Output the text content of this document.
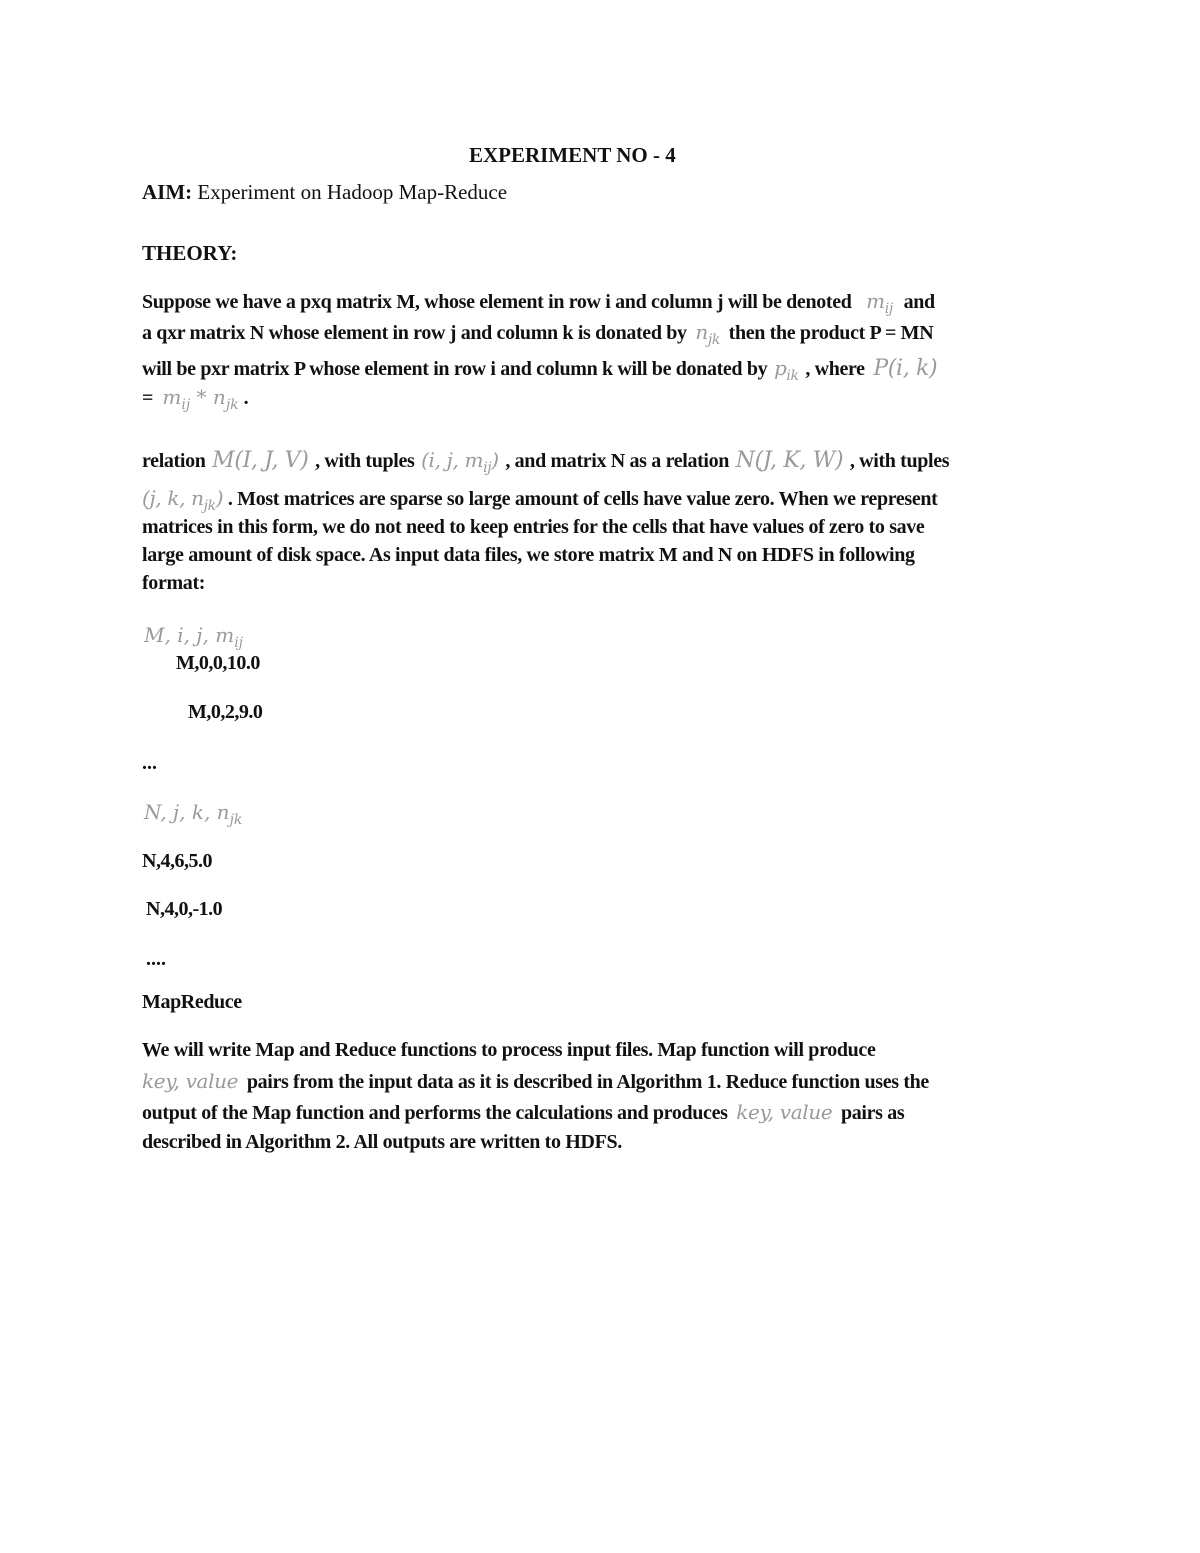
EXPERIMENT NO - 4
AIM: Experiment on Hadoop Map-Reduce
THEORY:
Suppose we have a pxq matrix M, whose element in row i and column j will be denoted $m_{ij}$ and
a qxr matrix N whose element in row j and column k is donated by $n_{jk}$ then the product P = MN
will be pxr matrix P whose element in row i and column k will be donated by $p_{ik}$ , where P(i, k)
= $m_{ij} * n_{jk}$ .
relation M(I, J, V) , with tuples (i, j, $m_{ij}$) , and matrix N as a relation N(J, K, W) , with tuples
(j, k, $n_{jk}$) . Most matrices are sparse so large amount of cells have value zero. When we represent
matrices in this form, we do not need to keep entries for the cells that have values of zero to save
large amount of disk space. As input data files, we store matrix M and N on HDFS in following
format:
M, i, j, $m_{ij}$
M,0,0,10.0
M,0,2,9.0
...
N, j, k, $n_{jk}$
N,4,6,5.0
N,4,0,-1.0
....
MapReduce
We will write Map and Reduce functions to process input files. Map function will produce
key, value pairs from the input data as it is described in Algorithm 1. Reduce function uses the
output of the Map function and performs the calculations and produces key, value pairs as
described in Algorithm 2. All outputs are written to HDFS.
